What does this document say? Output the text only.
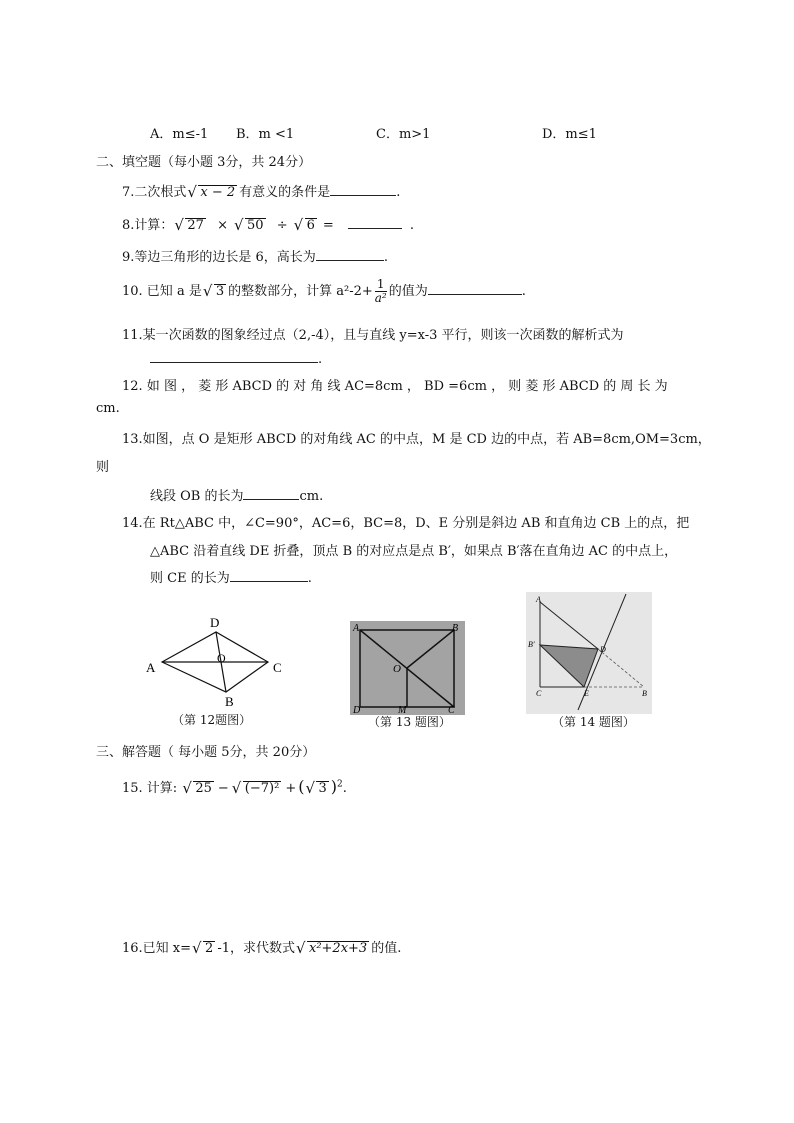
A．m≤-1 B．m <1	C．m>1	D．m≤1
二、填空题（每小题 3分，共 24分）
7.二次根式 √ x − 2 有意义的条件是	.
8.计算： √ 27 × √ 50 ÷ √ 6 =	.
9.等边三角形的边长是 6，高长为	.
10. 已知 a 是 √ 3 的整数部分，计算 $a^2-2+ \frac{1}{\text{a²}}$ 的值为	.
11.某一次函数的图象经过点（2,-4），且与直线 y=x-3 平行，则该一次函数的解析式为
.
12. 如 图 ， 菱 形 ABCD 的 对 角 线 AC=8cm ， BD =6cm ， 则 菱 形 ABCD 的 周 长 为
cm.
13.如图，点 O 是矩形 ABCD 的对角线 AC 的中点，M 是 CD 边的中点，若 AB=8cm,OM=3cm，
则
线段 OB 的长为	cm.
14.在 Rt△ABC 中，∠C=90°，AC=6，BC=8，D、E 分别是斜边 AB 和直角边 CB 上的点，把
△ABC 沿着直线 DE 折叠，顶点 B 的对应点是点 B′，如果点 B′落在直角边 AC 的中点上，
则 CE 的长为	.
A
D
O
C
B
（第 12题图）
A	B
O
D	M	C
（第 13 题图）
A
B′
D
C	E	B
（第 14 题图）
三、解答题（ 每小题 5分，共 20分）
15. 计算: √ 25 − √ (−7)² + ( √ 3 )$^2$.
16.已知 x= √ 2 -1，求代数式 √ x²+2x+3 的值.
